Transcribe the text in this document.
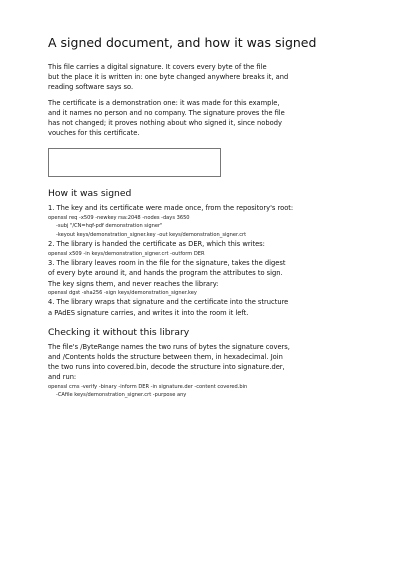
A signed document, and how it was signed

This file carries a digital signature. It covers every byte of the file

but the place it is written in: one byte changed anywhere breaks it, and

reading software says so.

The certificate is a demonstration one: it was made for this example,

and it names no person and no company. The signature proves the file

has not changed; it proves nothing about who signed it, since nobody

vouches for this certificate.

How it was signed

1. The key and its certificate were made once, from the repository's root:

openssl req -x509 -newkey rsa:2048 -nodes -days 3650

-subj "/CN=hqf-pdf demonstration signer"

-keyout keys/demonstration_signer.key -out keys/demonstration_signer.crt

2. The library is handed the certificate as DER, which this writes:

openssl x509 -in keys/demonstration_signer.crt -outform DER

3. The library leaves room in the file for the signature, takes the digest

of every byte around it, and hands the program the attributes to sign.

The key signs them, and never reaches the library:

openssl dgst -sha256 -sign keys/demonstration_signer.key

4. The library wraps that signature and the certificate into the structure

a PAdES signature carries, and writes it into the room it left.

Checking it without this library

The file's /ByteRange names the two runs of bytes the signature covers,

and /Contents holds the structure between them, in hexadecimal. Join

the two runs into covered.bin, decode the structure into signature.der,

and run:

openssl cms -verify -binary -inform DER -in signature.der -content covered.bin

-CAfile keys/demonstration_signer.crt -purpose any
